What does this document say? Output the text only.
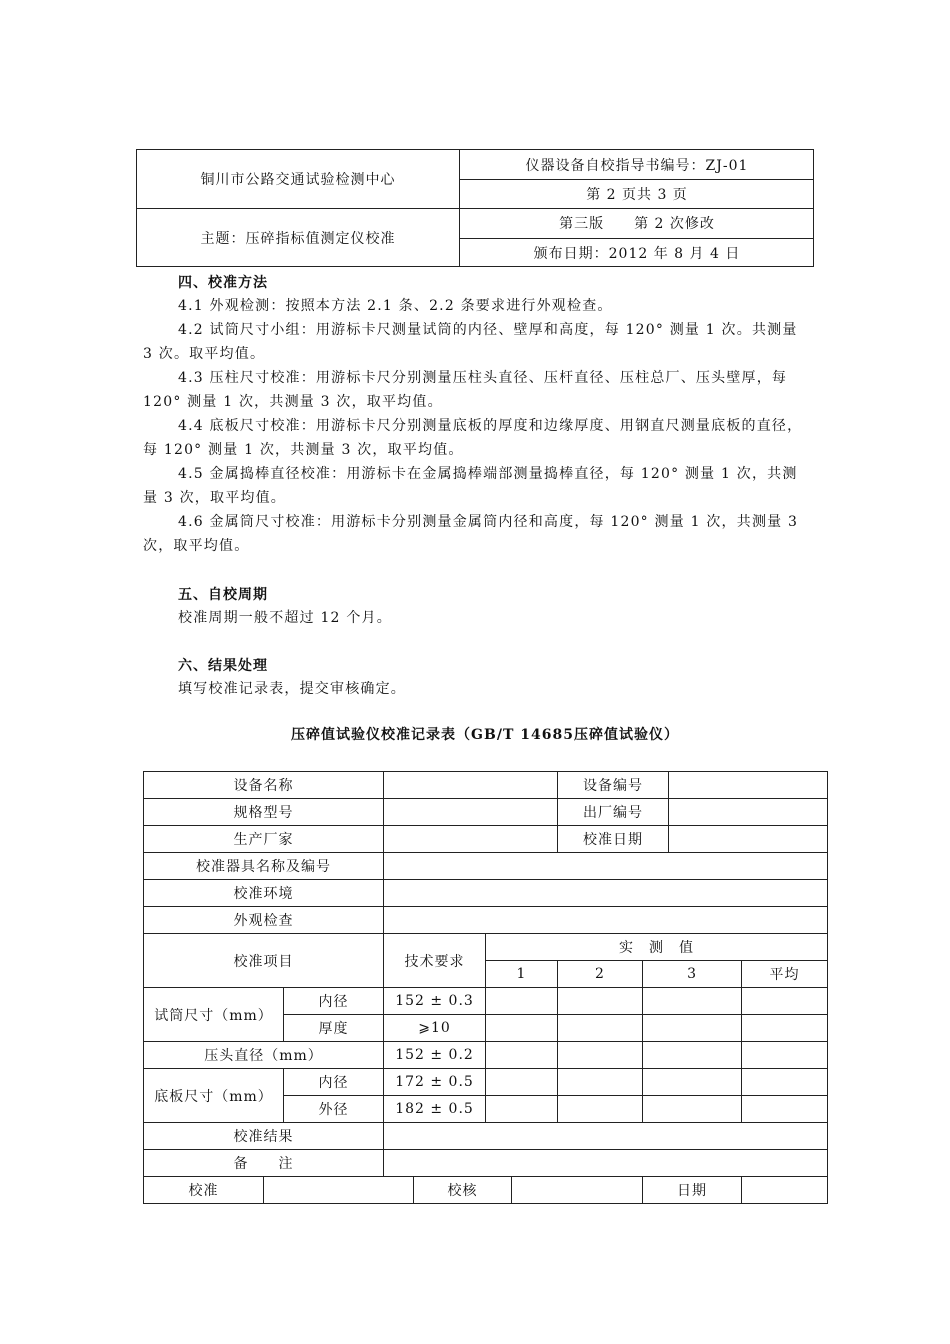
铜川市公路交通试验检测中心
仪器设备自校指导书编号：ZJ-01
第 2 页共 3 页
主题：压碎指标值测定仪校准
第三版　　第 2 次修改
颁布日期：2012 年 8 月 4 日
四、校准方法
4.1 外观检测：按照本方法 2.1 条、2.2 条要求进行外观检查。
4.2 试筒尺寸小组：用游标卡尺测量试筒的内径、壁厚和高度，每 120° 测量 1 次。共测量 3 次。取平均值。
4.3 压柱尺寸校准：用游标卡尺分别测量压柱头直径、压杆直径、压柱总厂、压头壁厚，每 120° 测量 1 次，共测量 3 次，取平均值。
4.4 底板尺寸校准：用游标卡尺分别测量底板的厚度和边缘厚度、用钢直尺测量底板的直径，每 120° 测量 1 次，共测量 3 次，取平均值。
4.5 金属捣棒直径校准：用游标卡在金属捣棒端部测量捣棒直径，每 120° 测量 1 次，共测量 3 次，取平均值。
4.6 金属筒尺寸校准：用游标卡分别测量金属筒内径和高度，每 120° 测量 1 次，共测量 3 次，取平均值。
五、自校周期
校准周期一般不超过 12 个月。
六、结果处理
填写校准记录表，提交审核确定。
压碎值试验仪校准记录表（GB/T 14685压碎值试验仪）
设备名称							设备编号			
规格型号							出厂编号			
生产厂家							校准日期			
校准器具名称及编号										
校准环境										
外观检查										
校准项目			技术要求		实　测　值					
					1		2	3		平均
试筒尺寸（mm）		内径	152 ± 0.3							
		厚度	⩾10							
压头直径（mm）			152 ± 0.2							
底板尺寸（mm）		内径	172 ± 0.5							
		外径	182 ± 0.5							
校准结果										
备　　注										
校准				校核				日期		
